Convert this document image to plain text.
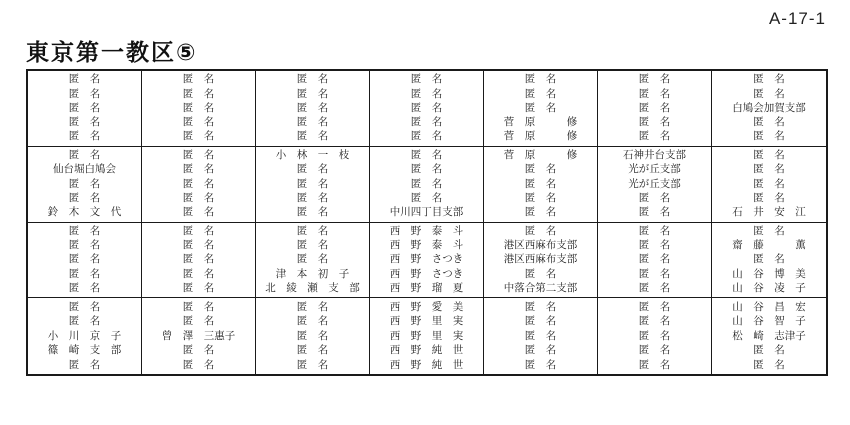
A-17-1
東京第一教区⑤
匿　名
匿　名
匿　名
匿　名
匿　名
匿　名
匿　名
匿　名
匿　名
匿　名
匿　名
匿　名
匿　名
匿　名
匿　名
匿　名
匿　名
匿　名
匿　名
匿　名
匿　名
匿　名
匿　名
菅　原　　　修
菅　原　　　修
匿　名
匿　名
匿　名
匿　名
匿　名
匿　名
匿　名
白鳩会加賀支部
匿　名
匿　名
匿　名
仙台堀白鳩会
匿　名
匿　名
鈴　木　文　代
匿　名
匿　名
匿　名
匿　名
匿　名
小　林　一　枝
匿　名
匿　名
匿　名
匿　名
匿　名
匿　名
匿　名
匿　名
中川四丁目支部
菅　原　　　修
匿　名
匿　名
匿　名
匿　名
石神井台支部
光が丘支部
光が丘支部
匿　名
匿　名
匿　名
匿　名
匿　名
匿　名
石　井　安　江
匿　名
匿　名
匿　名
匿　名
匿　名
匿　名
匿　名
匿　名
匿　名
匿　名
匿　名
匿　名
匿　名
津　本　初　子
北　綾　瀬　支　部
西　野　泰　斗
西　野　泰　斗
西　野　さつき
西　野　さつき
西　野　瑠　夏
匿　名
港区西麻布支部
港区西麻布支部
匿　名
中落合第二支部
匿　名
匿　名
匿　名
匿　名
匿　名
匿　名
齋　藤　　　薫
匿　名
山　谷　博　美
山　谷　凌　子
匿　名
匿　名
小　川　京　子
篠　崎　支　部
匿　名
匿　名
匿　名
曾　澤　三惠子
匿　名
匿　名
匿　名
匿　名
匿　名
匿　名
匿　名
西　野　愛　美
西　野　里　実
西　野　里　実
西　野　純　世
西　野　純　世
匿　名
匿　名
匿　名
匿　名
匿　名
匿　名
匿　名
匿　名
匿　名
匿　名
山　谷　昌　宏
山　谷　智　子
松　崎　志津子
匿　名
匿　名
